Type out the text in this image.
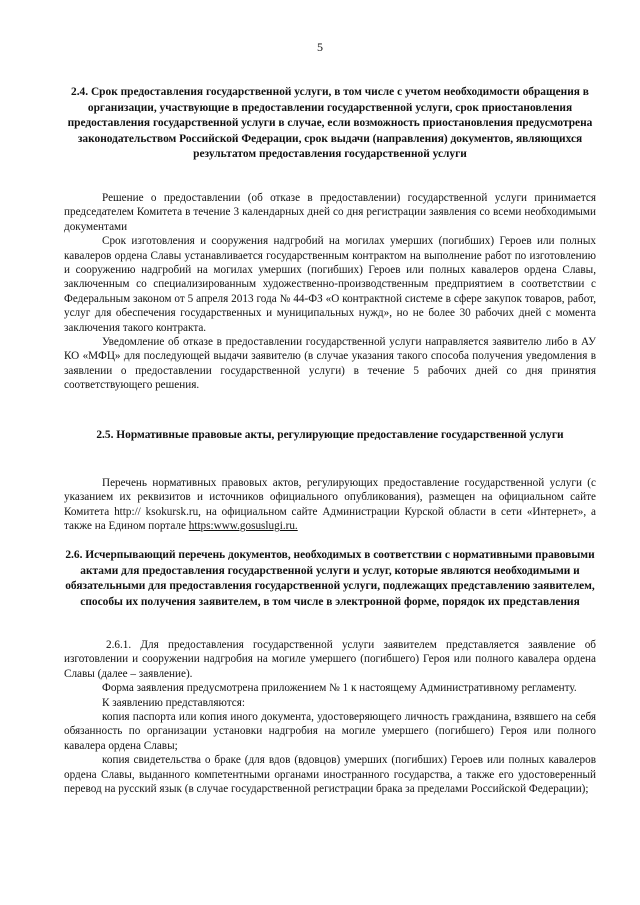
5

2.4. Срок предоставления государственной услуги, в том числе с учетом необходимости обращения в организации, участвующие в предоставлении государственной услуги, срок приостановления предоставления государственной услуги в случае, если возможность приостановления предусмотрена законодательством Российской Федерации, срок выдачи (направления) документов, являющихся результатом предоставления государственной услуги

Решение о предоставлении (об отказе в предоставлении) государственной услуги принимается председателем Комитета в течение 3 календарных дней со дня регистрации заявления со всеми необходимыми документами

Срок изготовления и сооружения надгробий на могилах умерших (погибших) Героев или полных кавалеров ордена Славы устанавливается государственным контрактом на выполнение работ по изготовлению и сооружению надгробий на могилах умерших (погибших) Героев или полных кавалеров ордена Славы, заключенным со специализированным художественно-производственным предприятием в соответствии с Федеральным законом от 5 апреля 2013 года № 44-ФЗ «О контрактной системе в сфере закупок товаров, работ, услуг для обеспечения государственных и муниципальных нужд», но не более 30 рабочих дней с момента заключения такого контракта.

Уведомление об отказе в предоставлении государственной услуги направляется заявителю либо в АУ КО «МФЦ» для последующей выдачи заявителю (в случае указания такого способа получения уведомления в заявлении о предоставлении государственной услуги) в течение 5 рабочих дней со дня принятия соответствующего решения.

2.5. Нормативные правовые акты, регулирующие предоставление государственной услуги

Перечень нормативных правовых актов, регулирующих предоставление государственной услуги (с указанием их реквизитов и источников официального опубликования), размещен на официальном сайте Комитета http:// ksokursk.ru, на официальном сайте Администрации Курской области в сети «Интернет», а также на Едином портале https:www.gosuslugi.ru.

2.6. Исчерпывающий перечень документов, необходимых в соответствии с нормативными правовыми актами для предоставления государственной услуги и услуг, которые являются необходимыми и обязательными для предоставления государственной услуги, подлежащих представлению заявителем, способы их получения заявителем, в том числе в электронной форме, порядок их представления

2.6.1. Для предоставления государственной услуги заявителем представляется заявление об изготовлении и сооружении надгробия на могиле умершего (погибшего) Героя или полного кавалера ордена Славы (далее – заявление).

Форма заявления предусмотрена приложением № 1 к настоящему Административному регламенту.

К заявлению представляются:

копия паспорта или копия иного документа, удостоверяющего личность гражданина, взявшего на себя обязанность по организации установки надгробия на могиле умершего (погибшего) Героя или полного кавалера ордена Славы;

копия свидетельства о браке (для вдов (вдовцов) умерших (погибших) Героев или полных кавалеров ордена Славы, выданного компетентными органами иностранного государства, а также его удостоверенный перевод на русский язык (в случае государственной регистрации брака за пределами Российской Федерации);
